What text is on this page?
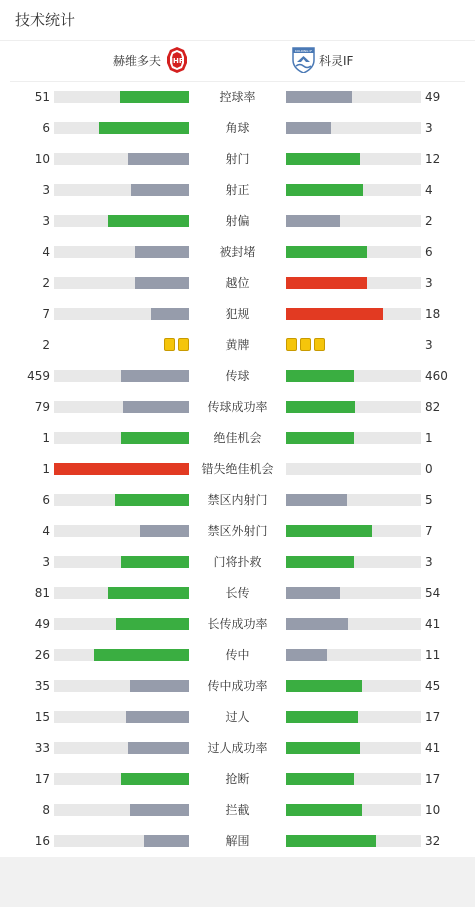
技术统计
赫维多夫 IHF
KOLDING IF
科灵IF
51	控球率	49
6	角球	3
10	射门	12
3	射正	4
3	射偏	2
4	被封堵	6
2	越位	3
7	犯规	18
2	黄牌	3
459	传球	460
79	传球成功率	82
1	绝佳机会	1
1	错失绝佳机会	0
6	禁区内射门	5
4	禁区外射门	7
3	门将扑救	3
81	长传	54
49	长传成功率	41
26	传中	11
35	传中成功率	45
15	过人	17
33	过人成功率	41
17	抢断	17
8	拦截	10
16	解围	32
